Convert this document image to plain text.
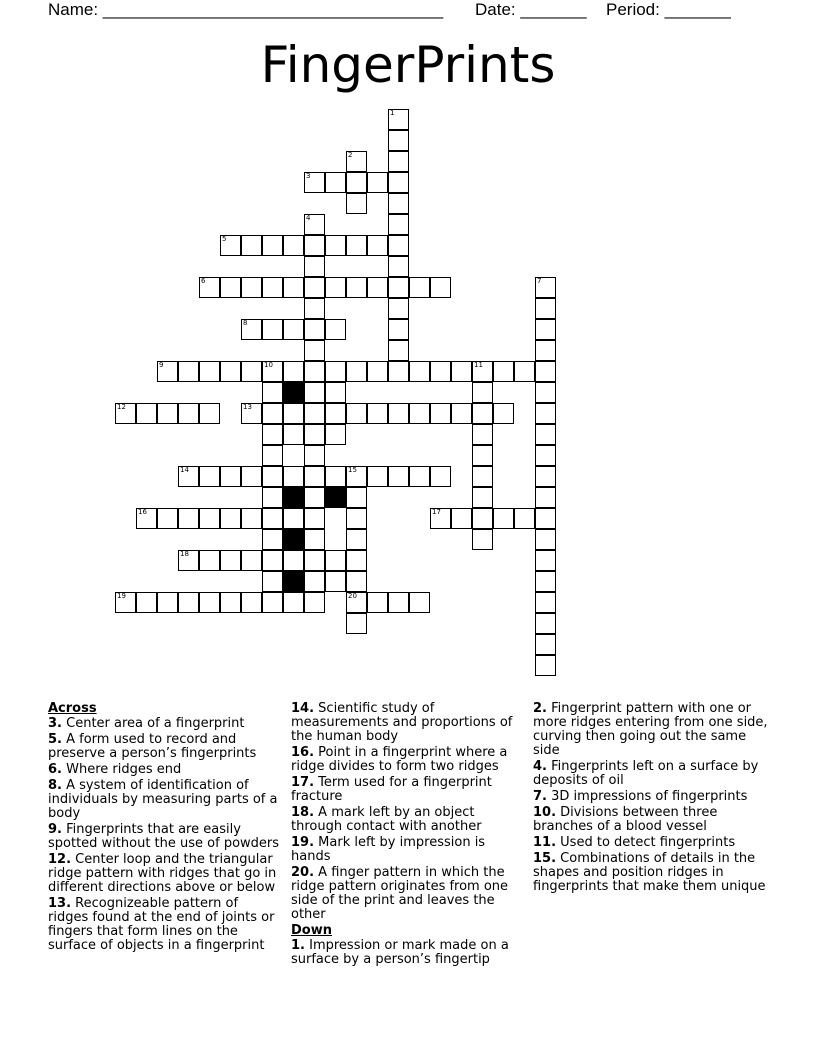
Name: ____________________________________ Date: _______ Period: _______
FingerPrints
3
5
6
8
9	10	11
12	13
14	15
16	17
18
19	20
1
2
4
7
Across
3. Center area of a fingerprint
5. A form used to record and preserve a person’s fingerprints
6. Where ridges end
8. A system of identification of individuals by measuring parts of a body
9. Fingerprints that are easily spotted without the use of powders
12. Center loop and the triangular ridge pattern with ridges that go in different directions above or below
13. Recognizeable pattern of ridges found at the end of joints or fingers that form lines on the surface of objects in a fingerprint
14. Scientific study of measurements and proportions of the human body
16. Point in a fingerprint where a ridge divides to form two ridges
17. Term used for a fingerprint fracture
18. A mark left by an object through contact with another
19. Mark left by impression is hands
20. A finger pattern in which the ridge pattern originates from one side of the print and leaves the other
Down
1. Impression or mark made on a surface by a person’s fingertip
2. Fingerprint pattern with one or more ridges entering from one side, curving then going out the same side
4. Fingerprints left on a surface by deposits of oil
7. 3D impressions of fingerprints
10. Divisions between three branches of a blood vessel
11. Used to detect fingerprints
15. Combinations of details in the shapes and position ridges in fingerprints that make them unique
